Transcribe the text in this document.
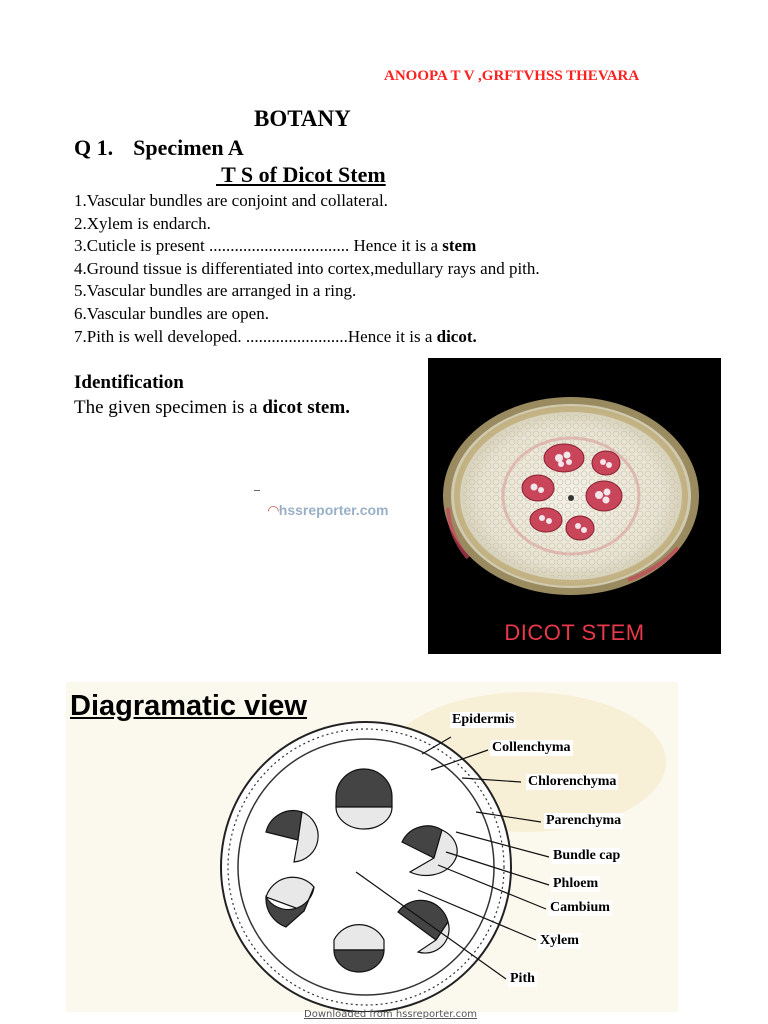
ANOOPA T V ,GRFTVHSS THEVARA
BOTANY
Q 1. Specimen A
T S of Dicot Stem
1.Vascular bundles are conjoint and collateral.
2.Xylem is endarch.
3.Cuticle is present ................................. Hence it is a stem
4.Ground tissue is differentiated into cortex,medullary rays and pith.
5.Vascular bundles are arranged in a ring.
6.Vascular bundles are open.
7.Pith is well developed. ........................Hence it is a dicot.
Identification
The given specimen is a dicot stem.
_
◠hssreporter.com
DICOT STEM
Diagramatic view	Epidermis
Collenchyma
Chlorenchyma
Parenchyma
Bundle cap
Phloem
Cambium
Xylem
Pith
Downloaded from hssreporter.com
